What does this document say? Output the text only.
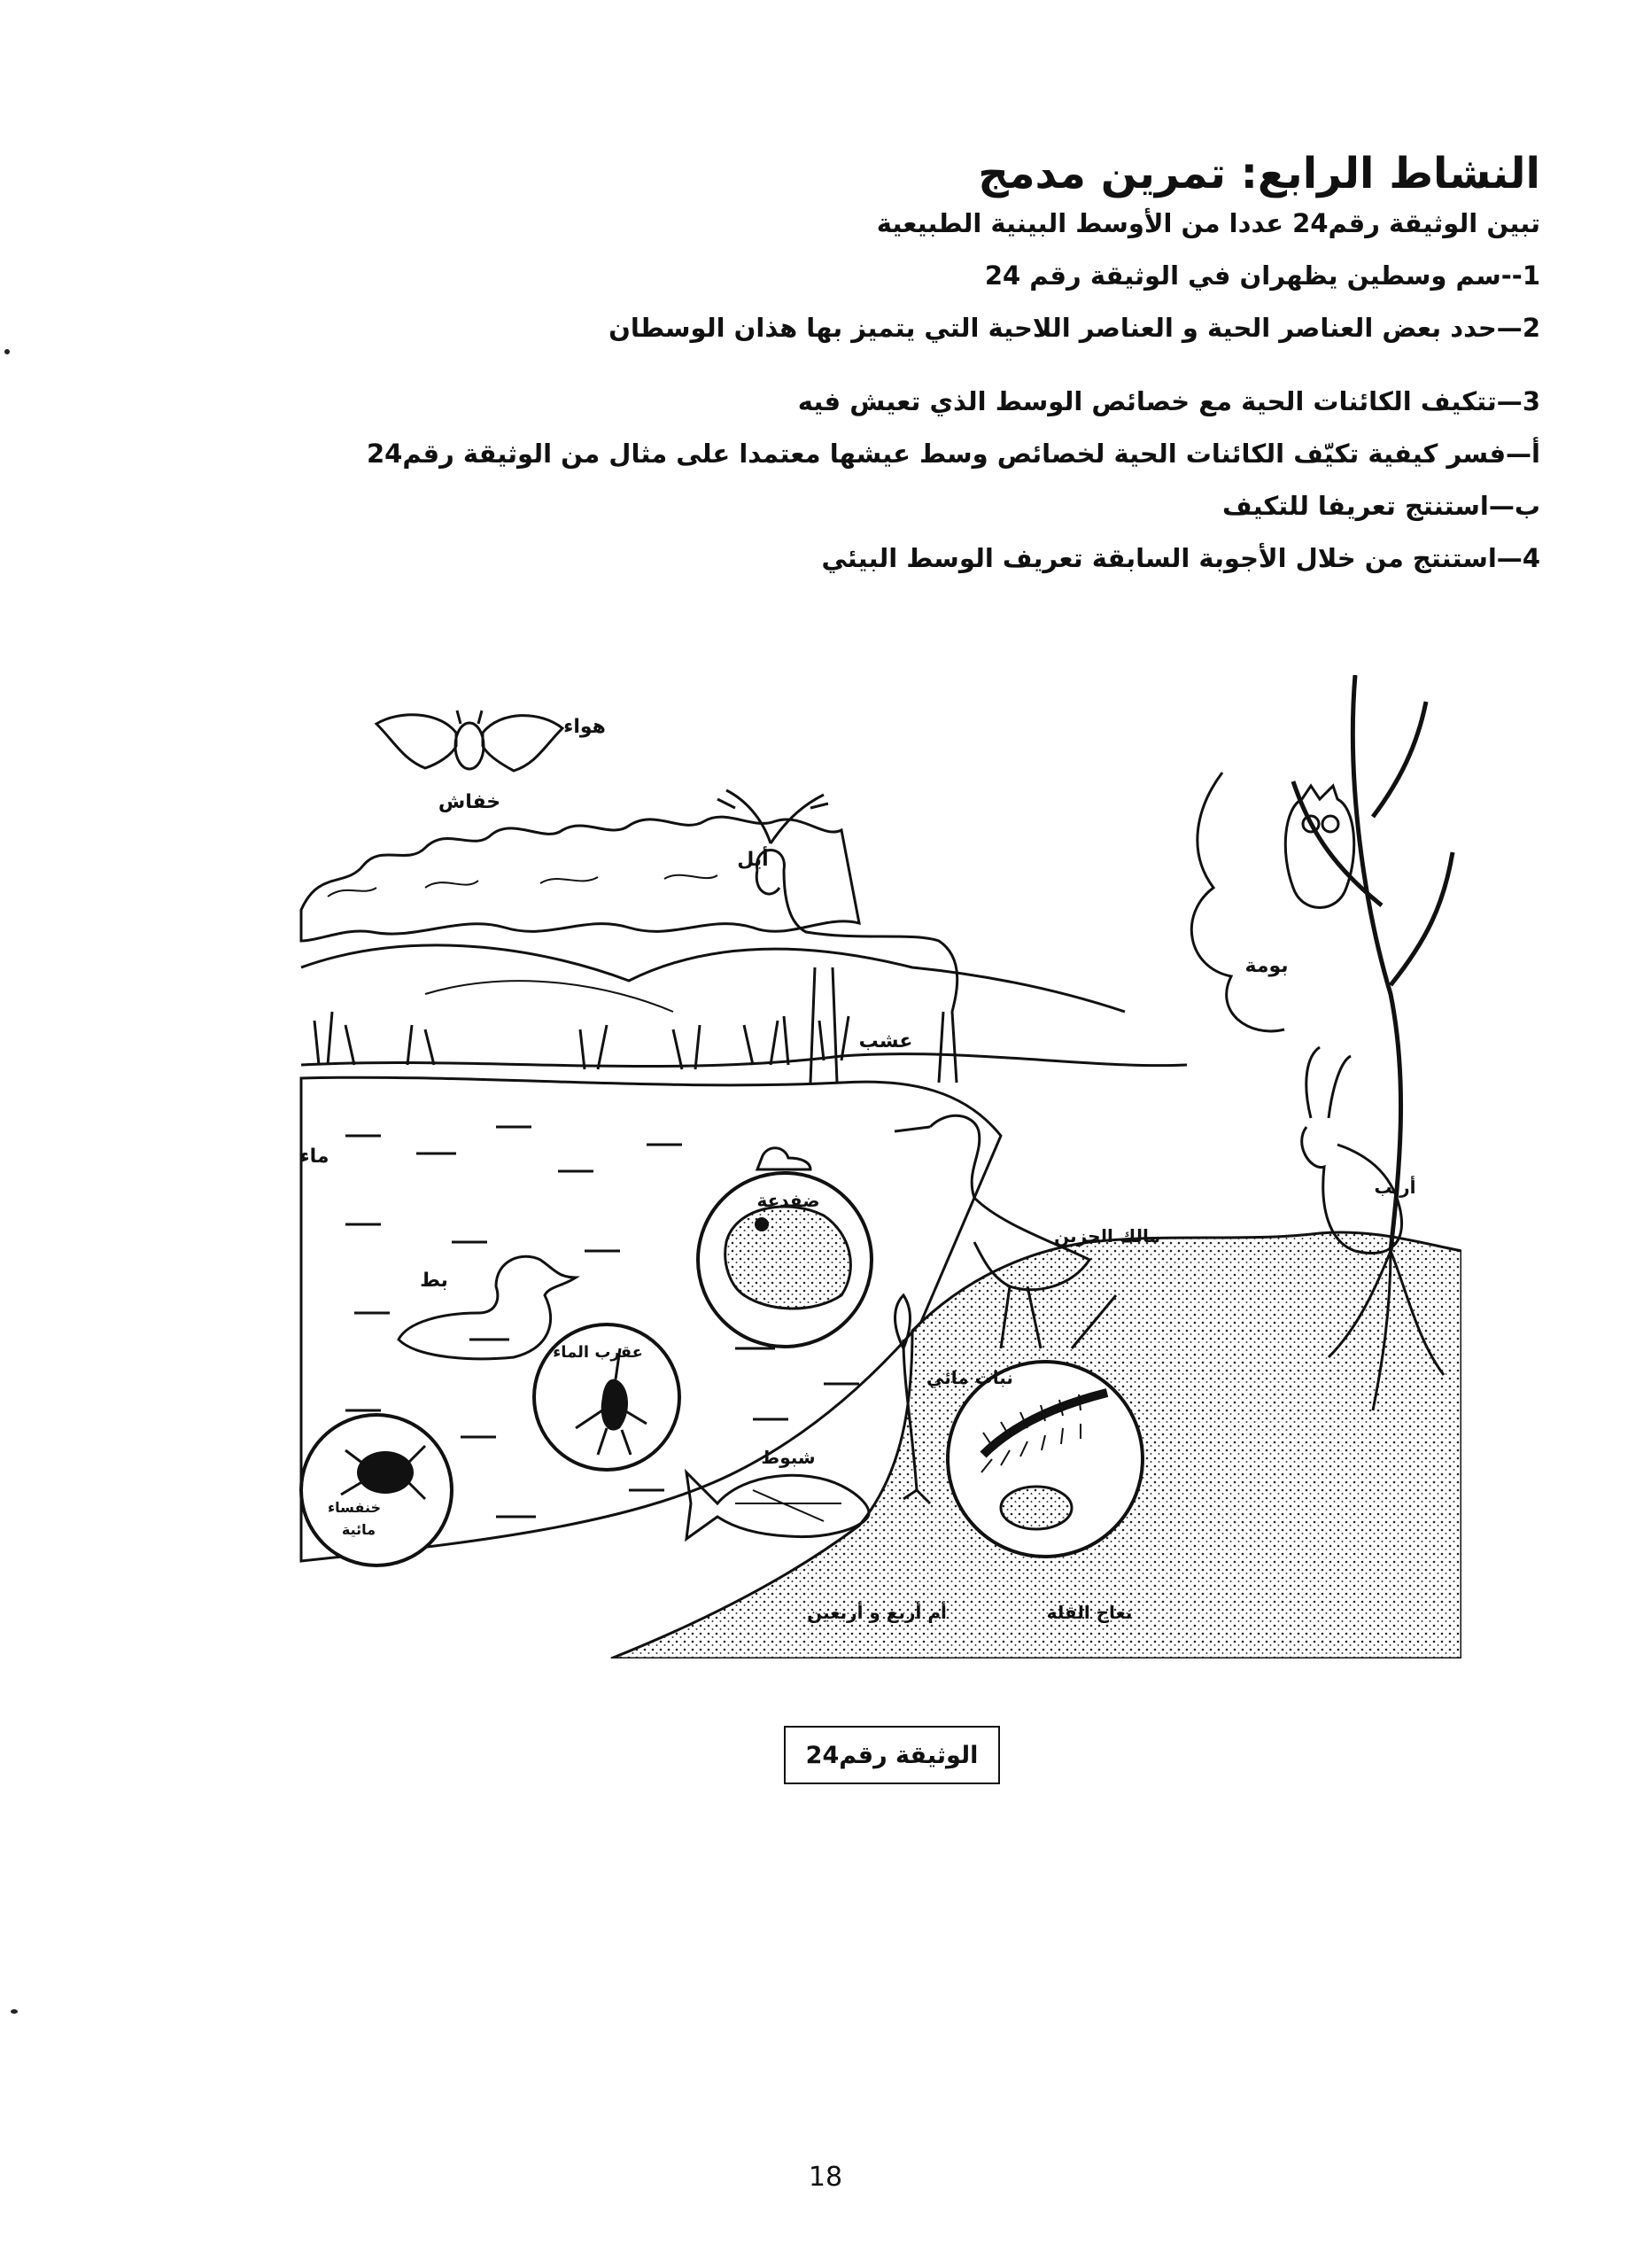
النشاط الرابع: تمرين مدمج
تبين الوثيقة رقم24 عددا من الأوسط البينية الطبيعية
1--سم وسطين يظهران في الوثيقة رقم 24
2—حدد بعض العناصر الحية و العناصر اللاحية التي يتميز بها هذان الوسطان
3—تتكيف الكائنات الحية مع خصائص الوسط الذي تعيش فيه
أ—فسر كيفية تكيّف الكائنات الحية لخصائص وسط عيشها معتمدا على مثال من الوثيقة رقم24
ب—استنتج تعريفا للتكيف
4—استنتج من خلال الأجوبة السابقة تعريف الوسط البيئي
هواء
خفاش
أيل
بومة
عشب
ماء
ضفدعة
أرنب
مالك الحزين
بط
عقرب الماء
نبات مائي
شبوط
خنفساء
مائية
أم أربع و أربعين	نعاج القلة
الوثيقة رقم24
18
